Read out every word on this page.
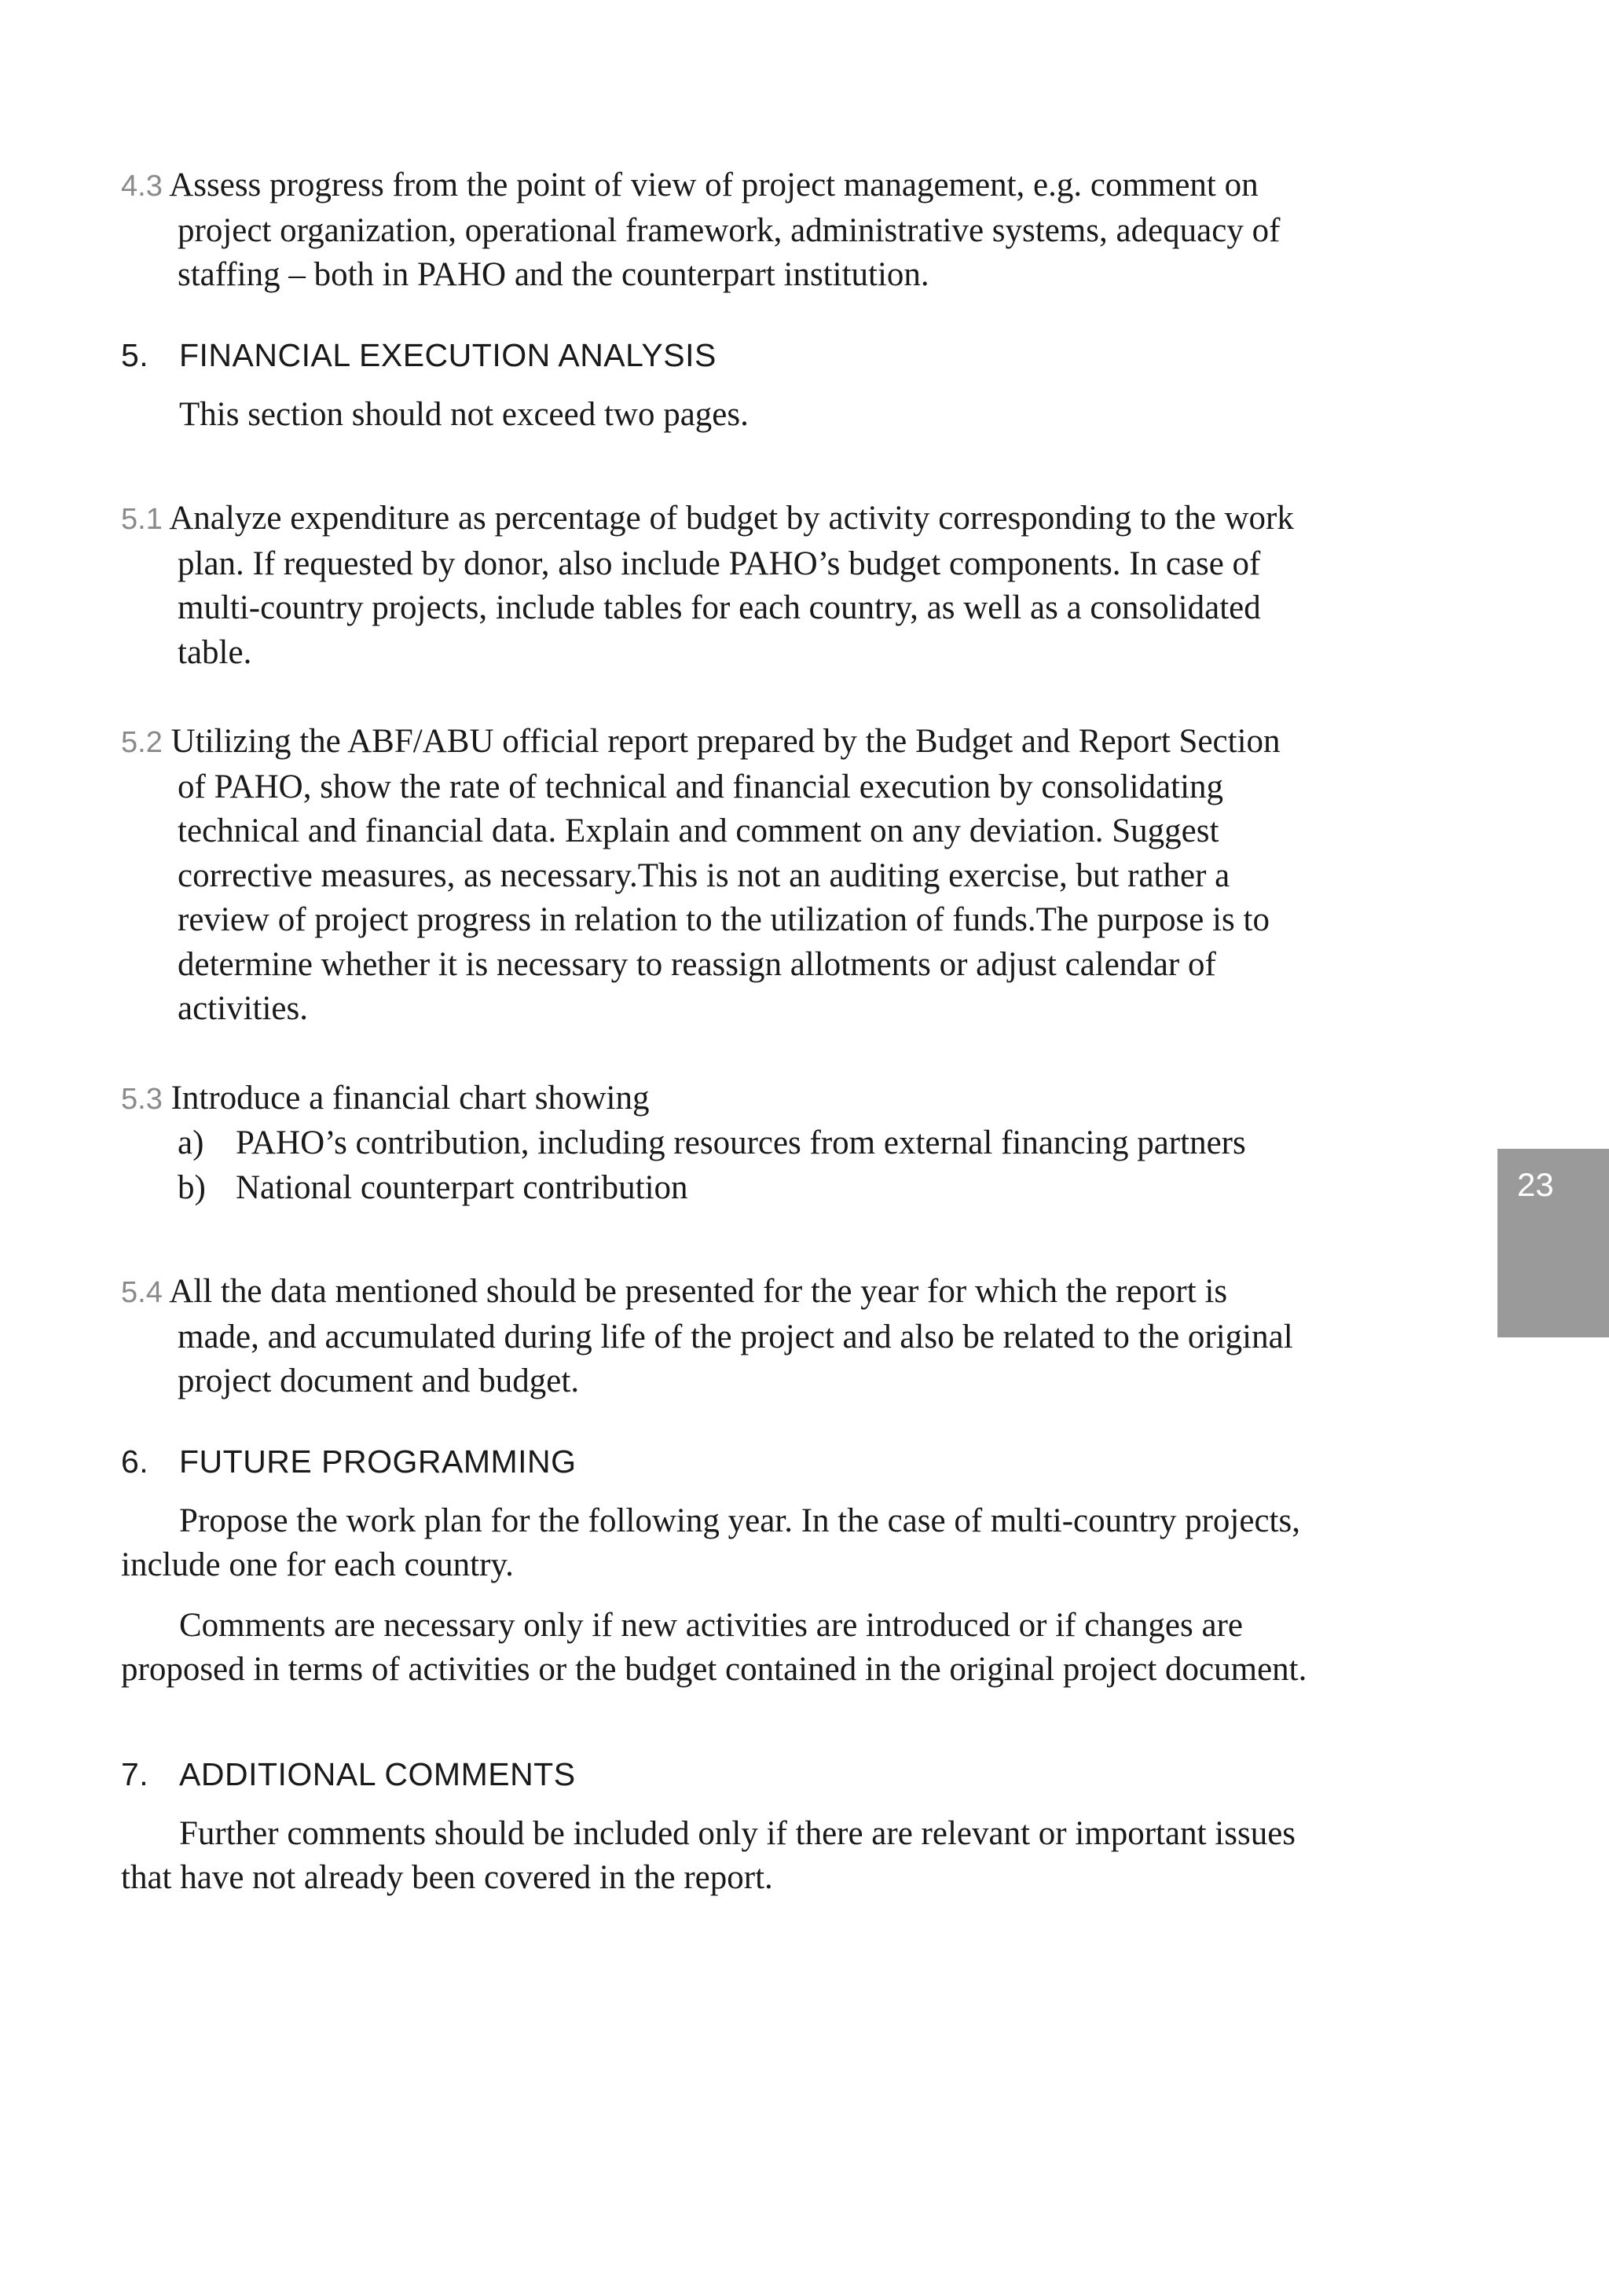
4.3 Assess progress from the point of view of project management, e.g. comment on project organization, operational framework, administrative systems, adequacy of staffing – both in PAHO and the counterpart institution.

5. FINANCIAL EXECUTION ANALYSIS

This section should not exceed two pages.

5.1 Analyze expenditure as percentage of budget by activity corresponding to the work plan. If requested by donor, also include PAHO’s budget components. In case of multi-country projects, include tables for each country, as well as a consolidated table.

5.2 Utilizing the ABF/ABU official report prepared by the Budget and Report Section of PAHO, show the rate of technical and financial execution by consolidating technical and financial data. Explain and comment on any deviation. Suggest corrective measures, as necessary.This is not an auditing exercise, but rather a review of project progress in relation to the utilization of funds.The purpose is to determine whether it is necessary to reassign allotments or adjust calendar of activities.

5.3 Introduce a financial chart showing

a) PAHO’s contribution, including resources from external financing partners
b) National counterpart contribution

5.4 All the data mentioned should be presented for the year for which the report is made, and accumulated during life of the project and also be related to the original project document and budget.

6. FUTURE PROGRAMMING

Propose the work plan for the following year. In the case of multi-country projects, include one for each country.

Comments are necessary only if new activities are introduced or if changes are proposed in terms of activities or the budget contained in the original project document.

7. ADDITIONAL COMMENTS

Further comments should be included only if there are relevant or important issues that have not already been covered in the report.

23
